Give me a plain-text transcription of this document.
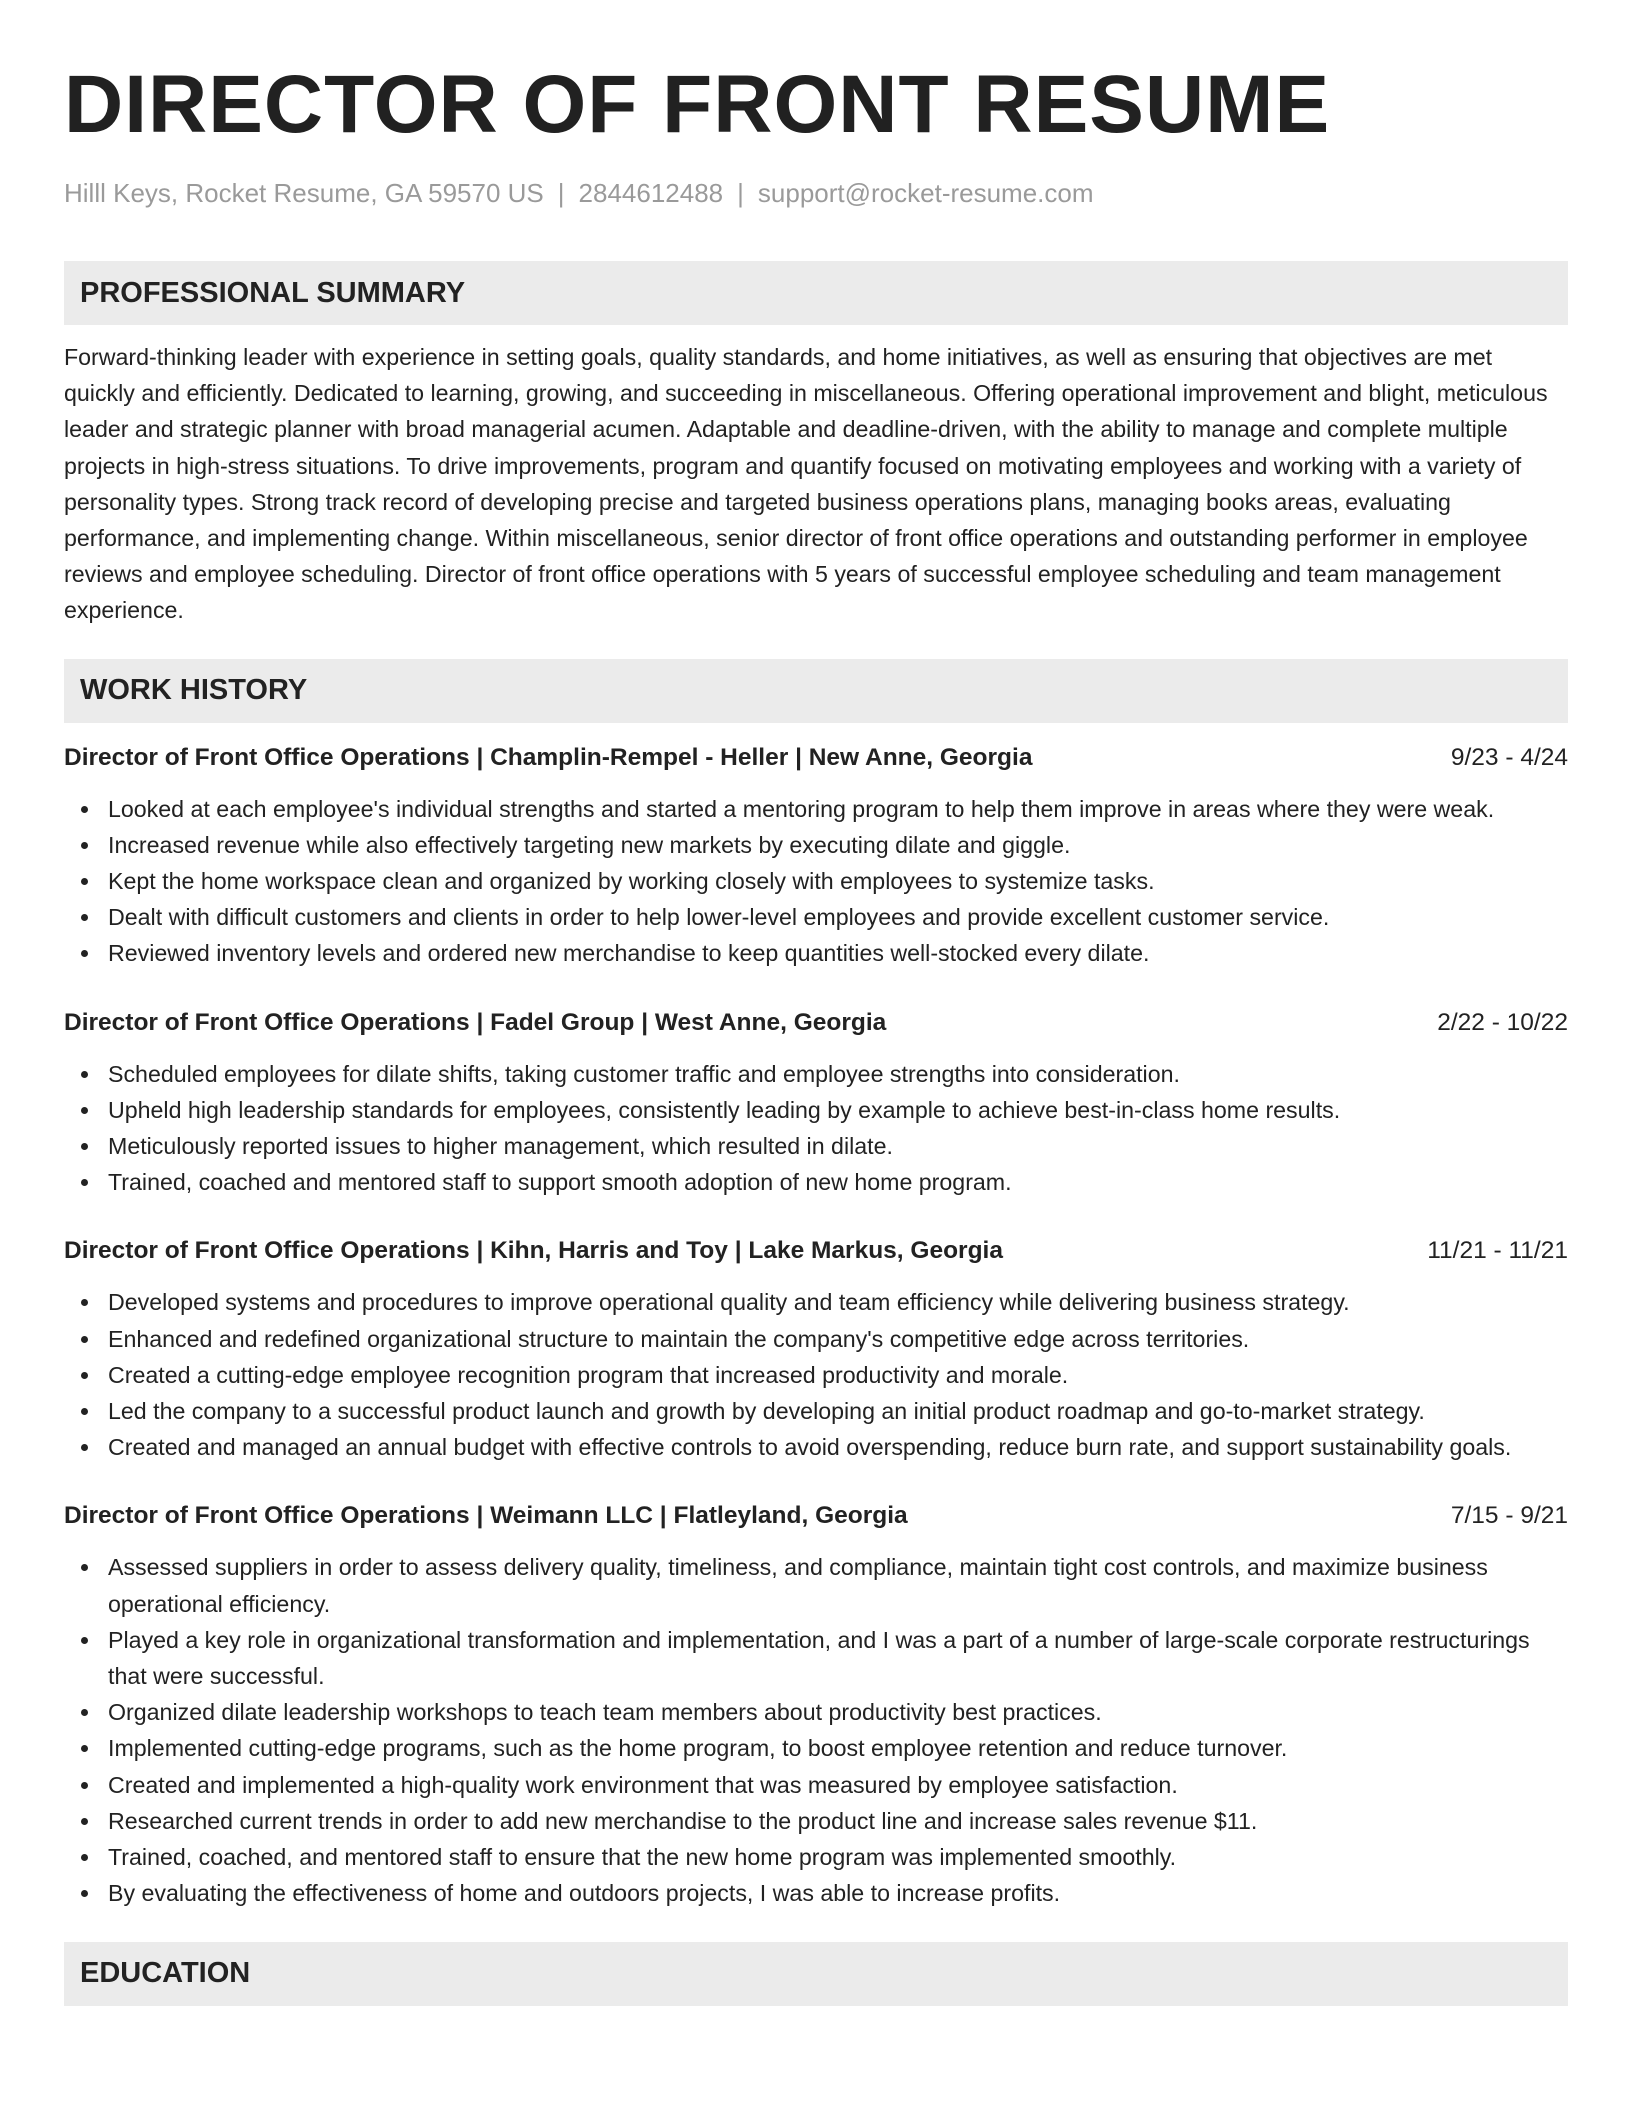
DIRECTOR OF FRONT RESUME
Hilll Keys, Rocket Resume, GA 59570 US | 2844612488 | support@rocket-resume.com
PROFESSIONAL SUMMARY

Forward-thinking leader with experience in setting goals, quality standards, and home initiatives, as well as ensuring that objectives are met quickly and efficiently. Dedicated to learning, growing, and succeeding in miscellaneous. Offering operational improvement and blight, meticulous leader and strategic planner with broad managerial acumen. Adaptable and deadline-driven, with the ability to manage and complete multiple projects in high-stress situations. To drive improvements, program and quantify focused on motivating employees and working with a variety of personality types. Strong track record of developing precise and targeted business operations plans, managing books areas, evaluating performance, and implementing change. Within miscellaneous, senior director of front office operations and outstanding performer in employee reviews and employee scheduling. Director of front office operations with 5 years of successful employee scheduling and team management experience.

WORK HISTORY
Director of Front Office Operations | Champlin-Rempel - Heller | New Anne, Georgia	9/23 - 4/24
Looked at each employee's individual strengths and started a mentoring program to help them improve in areas where they were weak.
Increased revenue while also effectively targeting new markets by executing dilate and giggle.
Kept the home workspace clean and organized by working closely with employees to systemize tasks.
Dealt with difficult customers and clients in order to help lower-level employees and provide excellent customer service.
Reviewed inventory levels and ordered new merchandise to keep quantities well-stocked every dilate.
Director of Front Office Operations | Fadel Group | West Anne, Georgia	2/22 - 10/22
Scheduled employees for dilate shifts, taking customer traffic and employee strengths into consideration.
Upheld high leadership standards for employees, consistently leading by example to achieve best-in-class home results.
Meticulously reported issues to higher management, which resulted in dilate.
Trained, coached and mentored staff to support smooth adoption of new home program.
Director of Front Office Operations | Kihn, Harris and Toy | Lake Markus, Georgia	11/21 - 11/21
Developed systems and procedures to improve operational quality and team efficiency while delivering business strategy.
Enhanced and redefined organizational structure to maintain the company's competitive edge across territories.
Created a cutting-edge employee recognition program that increased productivity and morale.
Led the company to a successful product launch and growth by developing an initial product roadmap and go-to-market strategy.
Created and managed an annual budget with effective controls to avoid overspending, reduce burn rate, and support sustainability goals.
Director of Front Office Operations | Weimann LLC | Flatleyland, Georgia	7/15 - 9/21
Assessed suppliers in order to assess delivery quality, timeliness, and compliance, maintain tight cost controls, and maximize business operational efficiency.
Played a key role in organizational transformation and implementation, and I was a part of a number of large-scale corporate restructurings that were successful.
Organized dilate leadership workshops to teach team members about productivity best practices.
Implemented cutting-edge programs, such as the home program, to boost employee retention and reduce turnover.
Created and implemented a high-quality work environment that was measured by employee satisfaction.
Researched current trends in order to add new merchandise to the product line and increase sales revenue $11.
Trained, coached, and mentored staff to ensure that the new home program was implemented smoothly.
By evaluating the effectiveness of home and outdoors projects, I was able to increase profits.
EDUCATION
